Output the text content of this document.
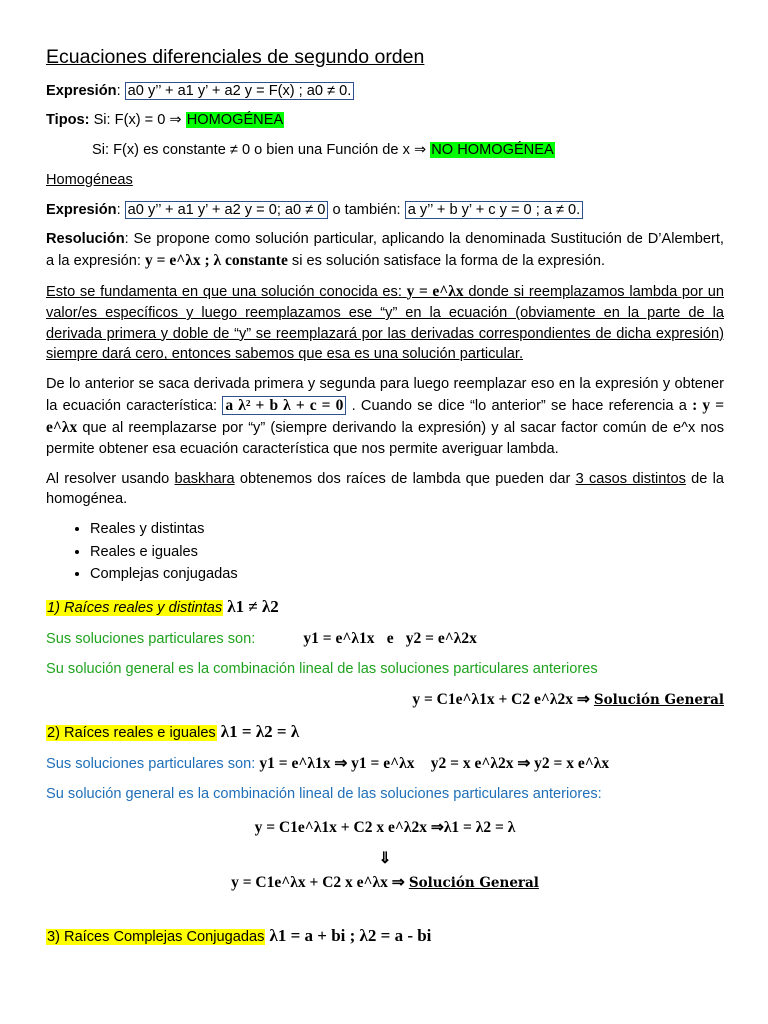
Ecuaciones diferenciales de segundo orden

Expresión: a0 y’’ + a1 y’ + a2 y = F(x) ; a0 ≠ 0.

Tipos: Si: F(x) = 0 ⇒ HOMOGÉNEA

Si: F(x) es constante ≠ 0 o bien una Función de x ⇒ NO HOMOGÉNEA

Homogéneas

Expresión: a0 y’’ + a1 y’ + a2 y = 0; a0 ≠ 0 o también: a y’’ + b y’ + c y = 0 ; a ≠ 0.

Resolución: Se propone como solución particular, aplicando la denominada Sustitución de D’Alembert, a la expresión: y = e^λx ; λ constante si es solución satisface la forma de la expresión.

Esto se fundamenta en que una solución conocida es: y = e^λx donde si reemplazamos lambda por un valor/es específicos y luego reemplazamos ese “y” en la ecuación (obviamente en la parte de la derivada primera y doble de “y” se reemplazará por las derivadas correspondientes de dicha expresión) siempre dará cero, entonces sabemos que esa es una solución particular.

De lo anterior se saca derivada primera y segunda para luego reemplazar eso en la expresión y obtener la ecuación característica: a λ² + b λ + c = 0 . Cuando se dice “lo anterior” se hace referencia a : y = e^λx que al reemplazarse por “y” (siempre derivando la expresión) y al sacar factor común de e^x nos permite obtener esa ecuación característica que nos permite averiguar lambda.

Al resolver usando baskhara obtenemos dos raíces de lambda que pueden dar 3 casos distintos de la homogénea.

• Reales y distintas
• Reales e iguales
• Complejas conjugadas

1) Raíces reales y distintas λ1 ≠ λ2

Sus soluciones particulares son:	y1 = e^λ1x e y2 = e^λ2x

Su solución general es la combinación lineal de las soluciones particulares anteriores

y = C1e^λ1x + C2 e^λ2x ⇒ Solución General

2) Raíces reales e iguales λ1 = λ2 = λ

Sus soluciones particulares son: y1 = e^λ1x ⇒ y1 = e^λx y2 = x e^λ2x ⇒ y2 = x e^λx

Su solución general es la combinación lineal de las soluciones particulares anteriores:

y = C1e^λ1x + C2 x e^λ2x ⇒λ1 = λ2 = λ

⇓

y = C1e^λx + C2 x e^λx ⇒ Solución General

3) Raíces Complejas Conjugadas λ1 = a + bi ; λ2 = a - bi
